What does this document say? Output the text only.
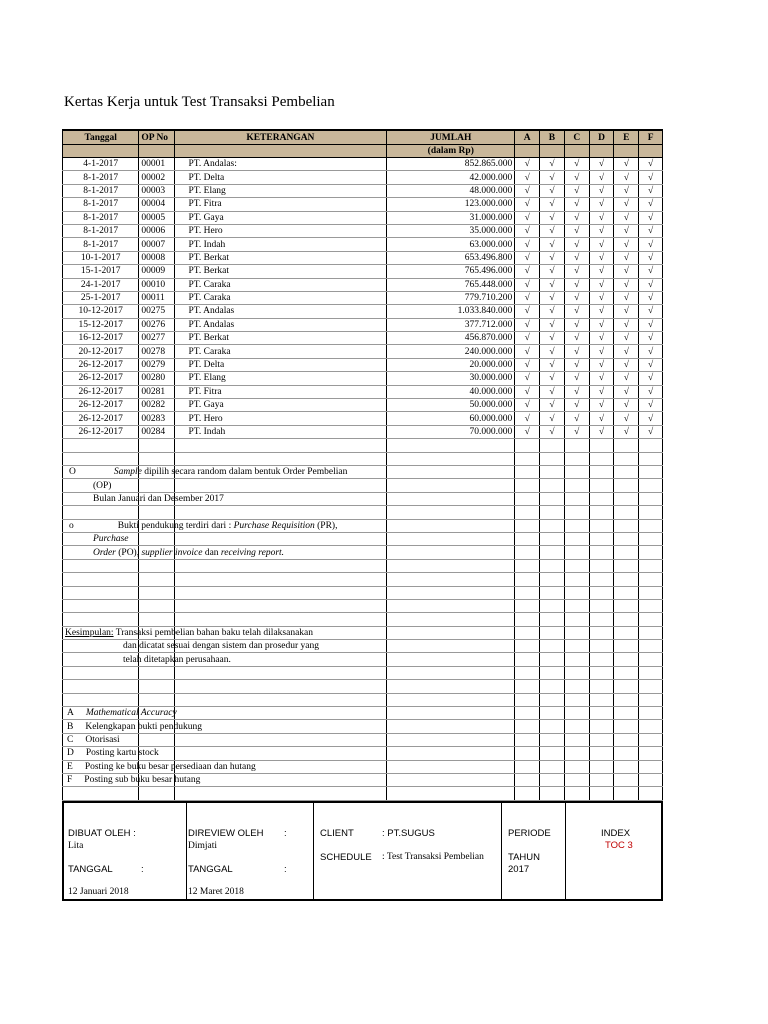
Kertas Kerja untuk Test Transaksi Pembelian
Tanggal	OP No	KETERANGAN	JUMLAH	A	B	C	D	E	F
			(dalam Rp)						
4-1-2017	00001	PT. Andalas:	852.865.000	√	√	√	√	√	√
8-1-2017	00002	PT. Delta	42.000.000	√	√	√	√	√	√
8-1-2017	00003	PT. Elang	48.000.000	√	√	√	√	√	√
8-1-2017	00004	PT. Fitra	123.000.000	√	√	√	√	√	√
8-1-2017	00005	PT. Gaya	31.000.000	√	√	√	√	√	√
8-1-2017	00006	PT. Hero	35.000.000	√	√	√	√	√	√
8-1-2017	00007	PT. Indah	63.000.000	√	√	√	√	√	√
10-1-2017	00008	PT. Berkat	653.496.800	√	√	√	√	√	√
15-1-2017	00009	PT. Berkat	765.496.000	√	√	√	√	√	√
24-1-2017	00010	PT. Caraka	765.448.000	√	√	√	√	√	√
25-1-2017	00011	PT. Caraka	779.710.200	√	√	√	√	√	√
10-12-2017	00275	PT. Andalas	1.033.840.000	√	√	√	√	√	√
15-12-2017	00276	PT. Andalas	377.712.000	√	√	√	√	√	√
16-12-2017	00277	PT. Berkat	456.870.000	√	√	√	√	√	√
20-12-2017	00278	PT. Caraka	240.000.000	√	√	√	√	√	√
26-12-2017	00279	PT. Delta	20.000.000	√	√	√	√	√	√
26-12-2017	00280	PT. Elang	30.000.000	√	√	√	√	√	√
26-12-2017	00281	PT. Fitra	40.000.000	√	√	√	√	√	√
26-12-2017	00282	PT. Gaya	50.000.000	√	√	√	√	√	√
26-12-2017	00283	PT. Hero	60.000.000	√	√	√	√	√	√
26-12-2017	00284	PT. Indah	70.000.000	√	√	√	√	√	√

O Sample dipilih secara random dalam bentuk Order Pembelian									
(OP)									
Bulan Januari dan Desember 2017									

o Bukti pendukung terdiri dari : Purchase Requisition (PR),									
Purchase									
Order (PO), supplier invoice dan receiving report.									

Kesimpulan: Transaksi pembelian bahan baku telah dilaksanakan									
dan dicatat sesuai dengan sistem dan prosedur yang									
telah ditetapkan perusahaan.									

A Mathematical Accuracy									
B Kelengkapan bukti pendukung									
C Otorisasi									
D Posting kartu stock									
E Posting ke buku besar persediaan dan hutang									
F Posting sub buku besar hutang									

DIBUAT OLEH :
Lita
TANGGAL	:
12 Januari 2018
DIREVIEW OLEH :
Dimjati
TANGGAL	:
12 Maret 2018
CLIENT	: PT.SUGUS
SCHEDULE : Test Transaksi Pembelian
PERIODE
TAHUN
2017
INDEX
TOC 3
